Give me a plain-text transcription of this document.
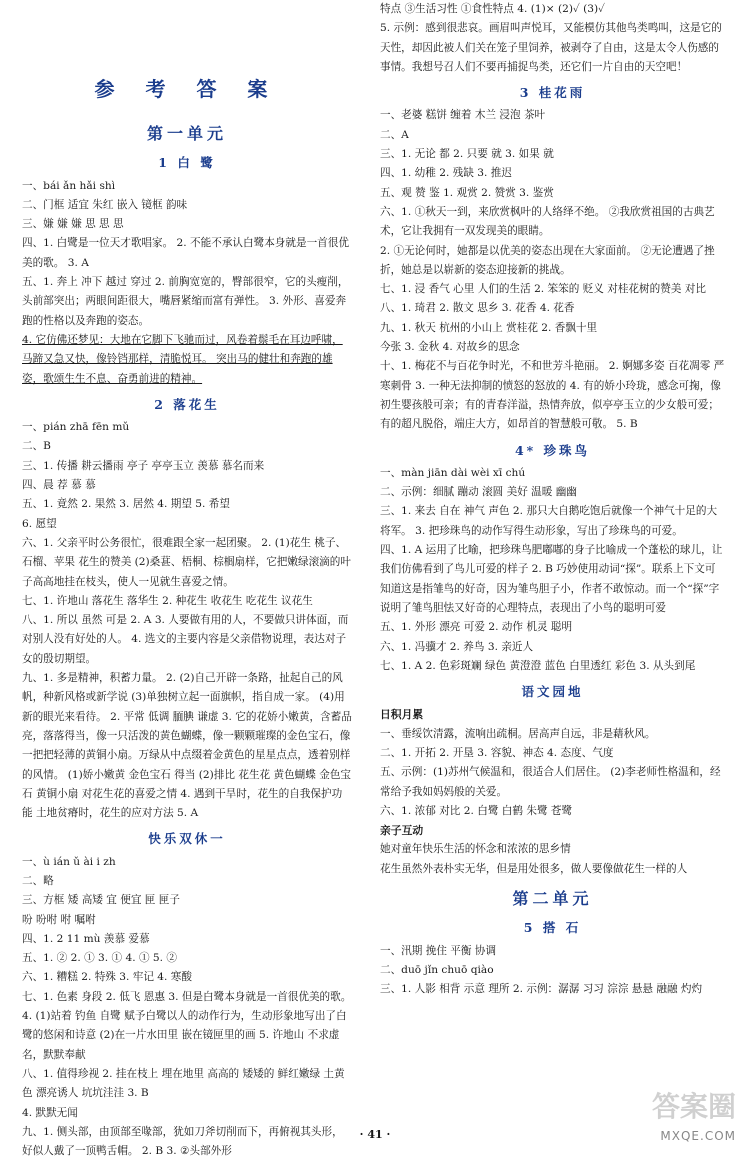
参 考 答 案
第一单元
1 白 鹭

一、bái ǎn hǎi shì

二、门框 适宜 朱红 嵌入 镜框 韵味

三、嫌 嫌 嫌 思 思 思

四、1. 白鹭是一位天才歌唱家。 2. 不能不承认白鹭本身就是一首很优美的歌。 3. A

五、1. 奔上 冲下 越过 穿过 2. 前胸宽宽的，臀部很窄，它的头瘦削，头前部突出；两眼间距很大，嘴唇紧缩而富有弹性。 3. 外形、喜爱奔跑的性格以及奔跑的姿态。

4. 它仿佛还梦见：大地在它脚下飞驰而过，风卷着鬃毛在耳边呼啸，马蹄又急又快，像铃铛那样，清脆悦耳。 突出马的健壮和奔跑的雄姿，歌颂生生不息、奋勇前进的精神。

2 落花生

一、pián zhā fēn mǔ

二、B

三、1. 传播 耕云播雨 亭子 亭亭玉立 羡慕 慕名而来

四、晨 荐 慕 慕

五、1. 竟然 2. 果然 3. 居然 4. 期望 5. 希望

6. 愿望

六、1. 父亲平时公务很忙，很难跟全家一起团聚。 2. (1)花生 桃子、石榴、苹果 花生的赞美 (2)桑葚、梧桐、棕榈扇样，它把嫩绿滚滴的叶子高高地挂在枝头，使人一见就生喜爱之情。

七、1. 许地山 落花生 落华生 2. 种花生 收花生 吃花生 议花生

八、1. 所以 虽然 可是 2. A 3. 人要做有用的人，不要做只讲体面，而对别人没有好处的人。 4. 选文的主要内容是父亲借物说理，表达对子女的殷切期望。

九、1. 多是精神，积蓄力量。 2. (2)自己开辟一条路，扯起自己的风帆，种新风格或新学说 (3)单独树立起一面旗帜，指自成一家。 (4)用新的眼光来看待。 2. 平常 低调 腼腆 谦虚 3. 它的花娇小嫩黄，含蓄品亮，落落得当，像一只活泼的黄色蝴蝶，像一颗颗璀璨的金色宝石，像一把把轻薄的黄铜小扇。万绿从中点缀着金黄色的星星点点，透着别样的风情。 (1)娇小嫩黄 金色宝石 得当 (2)排比 花生花 黄色蝴蝶 金色宝石 黄铜小扇 对花生花的喜爱之情 4. 遇到干旱时，花生的自我保护功能 土地贫瘠时，花生的应对方法 5. A

快乐双休一

一、ù ián ǔ ài i zh

二、略

三、方框 矮 高矮 宜 便宜 匣 匣子

吩 吩咐 咐 嘱咐

四、1. 2 11 mù 羡慕 爱慕

五、1. ② 2. ① 3. ① 4. ① 5. ②

六、1. 糟糕 2. 特殊 3. 牢记 4. 寒酸

七、1. 色素 身段 2. 低飞 恩惠 3. 但是白鹭本身就是一首很优美的歌。 4. (1)站着 钓鱼 自鹭 赋予白鹭以人的动作行为，生动形象地写出了白鹭的悠闲和诗意 (2)在一片水田里 嵌在镜匣里的画 5. 许地山 不求虚名，默默奉献

八、1. 值得珍视 2. 挂在枝上 埋在地里 高高的 矮矮的 鲜红嫩绿 土黄色 漂亮诱人 坑坑洼洼 3. B

4. 默默无闻

九、1. 侧头部，由顶部至喙部，犹如刀斧切削而下，再俯视其头形，好似人戴了一顶鸭舌帽。 2. B 3. ②头部外形

特点 ③生活习性 ①食性特点 4. (1)× (2)✓ (3)✓

5. 示例：感到很悲哀。画眉叫声悦耳，又能模仿其他鸟类鸣叫，这是它的天性，却因此被人们关在笼子里饲养，被剥夺了自由，这是太令人伤感的事情。我想号召人们不要再捕捉鸟类，还它们一片自由的天空吧！

3 桂花雨

一、老婆 糕饼 缠着 木兰 浸泡 茶叶

二、A

三、1. 无论 都 2. 只要 就 3. 如果 就

四、1. 幼稚 2. 残缺 3. 推迟

五、观 赞 鉴 1. 观赏 2. 赞赏 3. 鉴赏

六、1. ①秋天一到，来欣赏枫叶的人络绎不绝。 ②我欣赏祖国的古典艺术，它让我拥有一双发现美的眼睛。

2. ①无论何时，她都是以优美的姿态出现在大家面前。 ②无论遭遇了挫折，她总是以崭新的姿态迎接新的挑战。

七、1. 浸 香气 心里 人们的生活 2. 笨笨的 贬义 对桂花树的赞美 对比

八、1. 琦君 2. 散文 思乡 3. 花香 4. 花香

九、1. 秋天 杭州的小山上 赏桂花 2. 香飘十里

今张 3. 金秋 4. 对故乡的思念

十、1. 梅花不与百花争时光，不和世芳斗艳丽。 2. 婀娜多姿 百花凋零 严寒刺骨 3. 一种无法抑制的愤怒的怒放的 4. 有的娇小玲珑，感念可掬，像初生婴孩般可亲；有的青春洋溢，热情奔放，似亭亭玉立的少女般可爱；有的超凡脱俗，端庄大方，如昂首的智慧般可敬。 5. B

4* 珍珠鸟

一、màn jiān dài wèi xī chú

二、示例：细腻 蹦动 滚圆 美好 温暖 幽幽

三、1. 来去 自在 神气 声色 2. 那只大自鹅吃饱后就像一个神气十足的大将军。 3. 把珍珠鸟的动作写得生动形象，写出了珍珠鸟的可爱。

四、1. A 运用了比喻，把珍珠鸟肥嘟嘟的身子比喻成一个蓬松的球儿，让我们仿佛看到了鸟儿可爱的样子 2. B 巧妙使用动词“探”。联系上下文可知道这是指雏鸟的好奇，因为雏鸟胆子小，作者不敢惊动。而一个“探”字说明了雏鸟胆怯又好奇的心理特点，表现出了小鸟的聪明可爱

五、1. 外形 漂亮 可爱 2. 动作 机灵 聪明

六、1. 冯骥才 2. 养鸟 3. 亲近人

七、1. A 2. 色彩斑斓 绿色 黄澄澄 蓝色 白里透红 彩色 3. 从头到尾

语文园地

日积月累

一、垂绥饮清露，流响出疏桐。居高声自远，非是藉秋风。

二、1. 开拓 2. 开垦 3. 容貌、神态 4. 态度、气度

五、示例：(1)苏州气候温和，很适合人们居住。 (2)李老师性格温和，经常给予我如妈妈般的关爱。

六、1. 浓郁 对比 2. 白鹭 白鹤 朱鹭 苍鹭

亲子互动

她对童年快乐生活的怀念和浓浓的思乡情

花生虽然外表朴实无华，但是用处很多，做人要像做花生一样的人

第二单元
5 搭 石

一、汛期 挽住 平衡 协调

二、duō jǐn chuō qiào

三、1. 人影 相背 示意 理所 2. 示例：潺潺 习习 淙淙 悬悬 融融 灼灼

· 41 ·
答案圈
MXQE.COM
